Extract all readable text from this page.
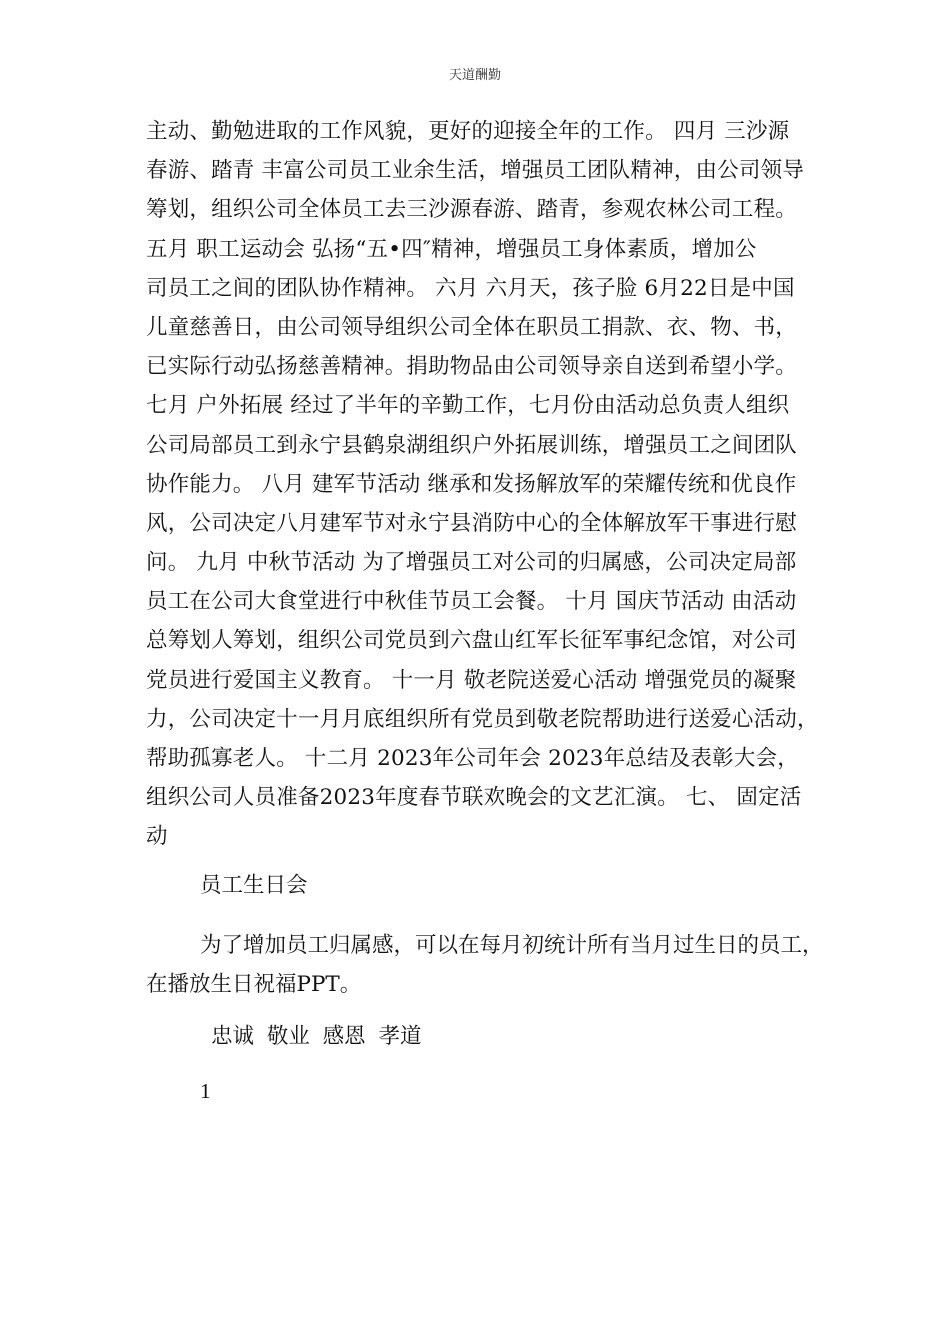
天道酬勤
主动、勤勉进取的工作风貌，更好的迎接全年的工作。 四月 三沙源
春游、踏青 丰富公司员工业余生活，增强员工团队精神，由公司领导
筹划，组织公司全体员工去三沙源春游、踏青，参观农林公司工程。
五月 职工运动会 弘扬“五•四″精神，增强员工身体素质，增加公
司员工之间的团队协作精神。 六月 六月天，孩子脸 6月22日是中国
儿童慈善日，由公司领导组织公司全体在职员工捐款、衣、物、书，
已实际行动弘扬慈善精神。捐助物品由公司领导亲自送到希望小学。
七月 户外拓展 经过了半年的辛勤工作，七月份由活动总负责人组织
公司局部员工到永宁县鹤泉湖组织户外拓展训练，增强员工之间团队
协作能力。 八月 建军节活动 继承和发扬解放军的荣耀传统和优良作
风，公司决定八月建军节对永宁县消防中心的全体解放军干事进行慰
问。 九月 中秋节活动 为了增强员工对公司的归属感，公司决定局部
员工在公司大食堂进行中秋佳节员工会餐。 十月 国庆节活动 由活动
总筹划人筹划，组织公司党员到六盘山红军长征军事纪念馆，对公司
党员进行爱国主义教育。 十一月 敬老院送爱心活动 增强党员的凝聚
力，公司决定十一月月底组织所有党员到敬老院帮助进行送爱心活动，
帮助孤寡老人。 十二月 2023年公司年会 2023年总结及表彰大会，
组织公司人员准备2023年度春节联欢晚会的文艺汇演。 七、 固定活
动
员工生日会
为了增加员工归属感，可以在每月初统计所有当月过生日的员工，
在播放生日祝福PPT。
忠诚 敬业 感恩 孝道
1
